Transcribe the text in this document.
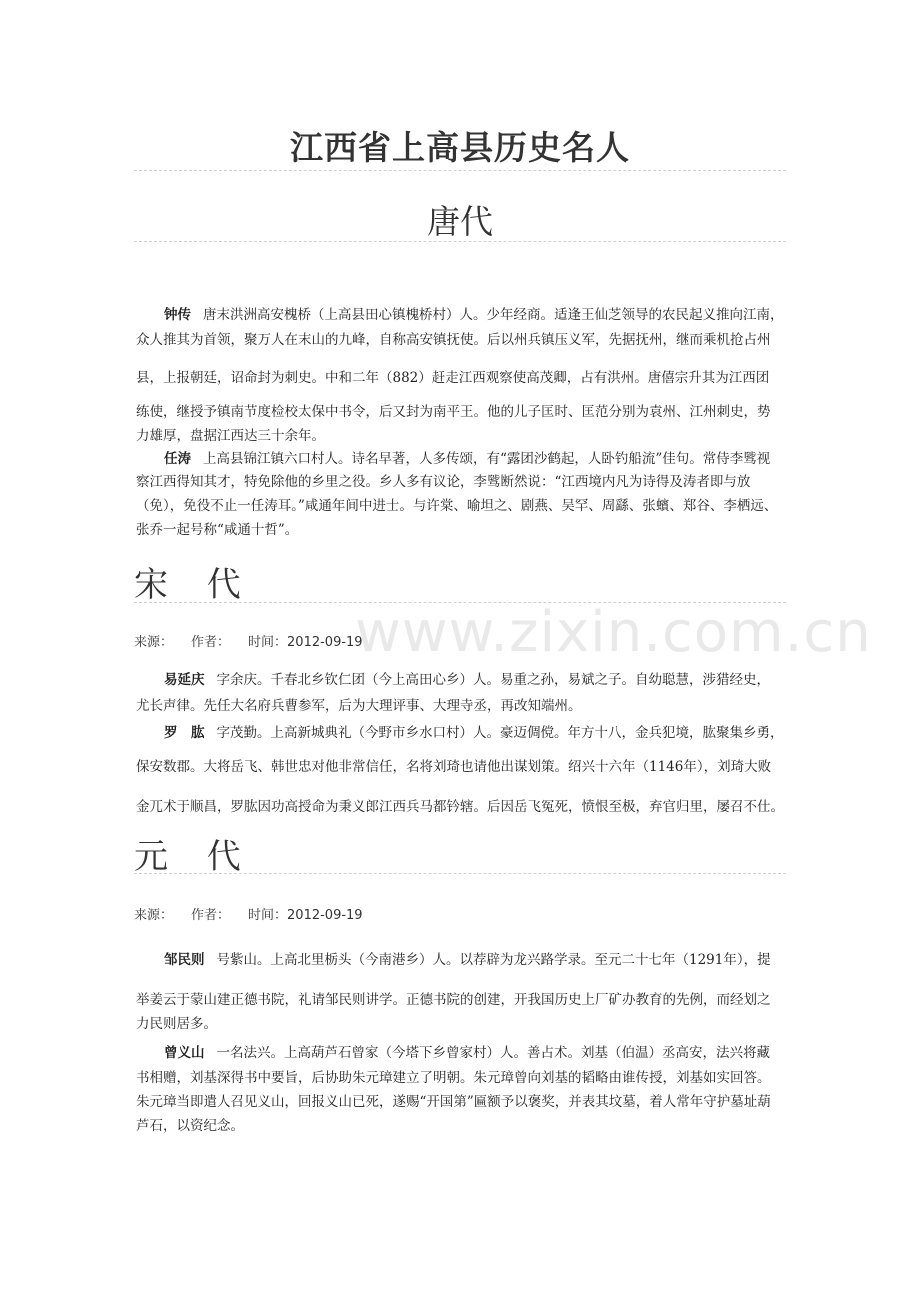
www.zixin.com.cn
江西省上高县历史名人
唐代
钟传 唐末洪洲高安槐桥（上高县田心镇槐桥村）人。少年经商。适逢王仙芝领导的农民起义推向江南，
众人推其为首领，聚万人在末山的九峰，自称高安镇抚使。后以州兵镇压义军，先据抚州，继而乘机抢占州
县，上报朝廷，诏命封为刺史。中和二年（882）赶走江西观察使高茂卿，占有洪州。唐僖宗升其为江西团
练使，继授予镇南节度检校太保中书令，后又封为南平王。他的儿子匡时、匡范分别为袁州、江州刺史，势
力雄厚，盘据江西达三十余年。
任涛 上高县锦江镇六口村人。诗名早著，人多传颂，有“露团沙鹤起，人卧钓船流”佳句。常侍李骘视
察江西得知其才，特免除他的乡里之役。乡人多有议论，李骘断然说：“江西境内凡为诗得及涛者即与放
（免），免役不止一任涛耳。”咸通年间中进士。与许棠、喻坦之、剧燕、吴罕、周繇、张蠙、郑谷、李栖远、
张乔一起号称“咸通十哲”。
宋 代
来源： 作者： 时间：2012-09-19
易延庆 字余庆。千春北乡钦仁团（今上高田心乡）人。易重之孙，易斌之子。自幼聪慧，涉猎经史，
尤长声律。先任大名府兵曹参军，后为大理评事、大理寺丞，再改知端州。
罗　肱 字茂勤。上高新城典礼（今野市乡水口村）人。豪迈倜傥。年方十八，金兵犯境，肱聚集乡勇，
保安数郡。大将岳飞、韩世忠对他非常信任，名将刘琦也请他出谋划策。绍兴十六年（1146年），刘琦大败
金兀术于顺昌，罗肱因功高授命为秉义郎江西兵马都钤辖。后因岳飞冤死，愤恨至极，弃官归里，屡召不仕。
元 代
来源： 作者： 时间：2012-09-19
邹民则 号紫山。上高北里栃头（今南港乡）人。以荐辟为龙兴路学录。至元二十七年（1291年），提
举姜云于蒙山建正德书院，礼请邹民则讲学。正德书院的创建，开我国历史上厂矿办教育的先例，而经划之
力民则居多。
曾义山 一名法兴。上高葫芦石曾家（今塔下乡曾家村）人。善占术。刘基（伯温）丞高安，法兴将藏
书相赠，刘基深得书中要旨，后协助朱元璋建立了明朝。朱元璋曾向刘基的韬略由谁传授，刘基如实回答。
朱元璋当即遣人召见义山，回报义山已死，遂赐“开国第”匾额予以褒奖，并表其坟墓，着人常年守护墓址葫
芦石，以资纪念。
